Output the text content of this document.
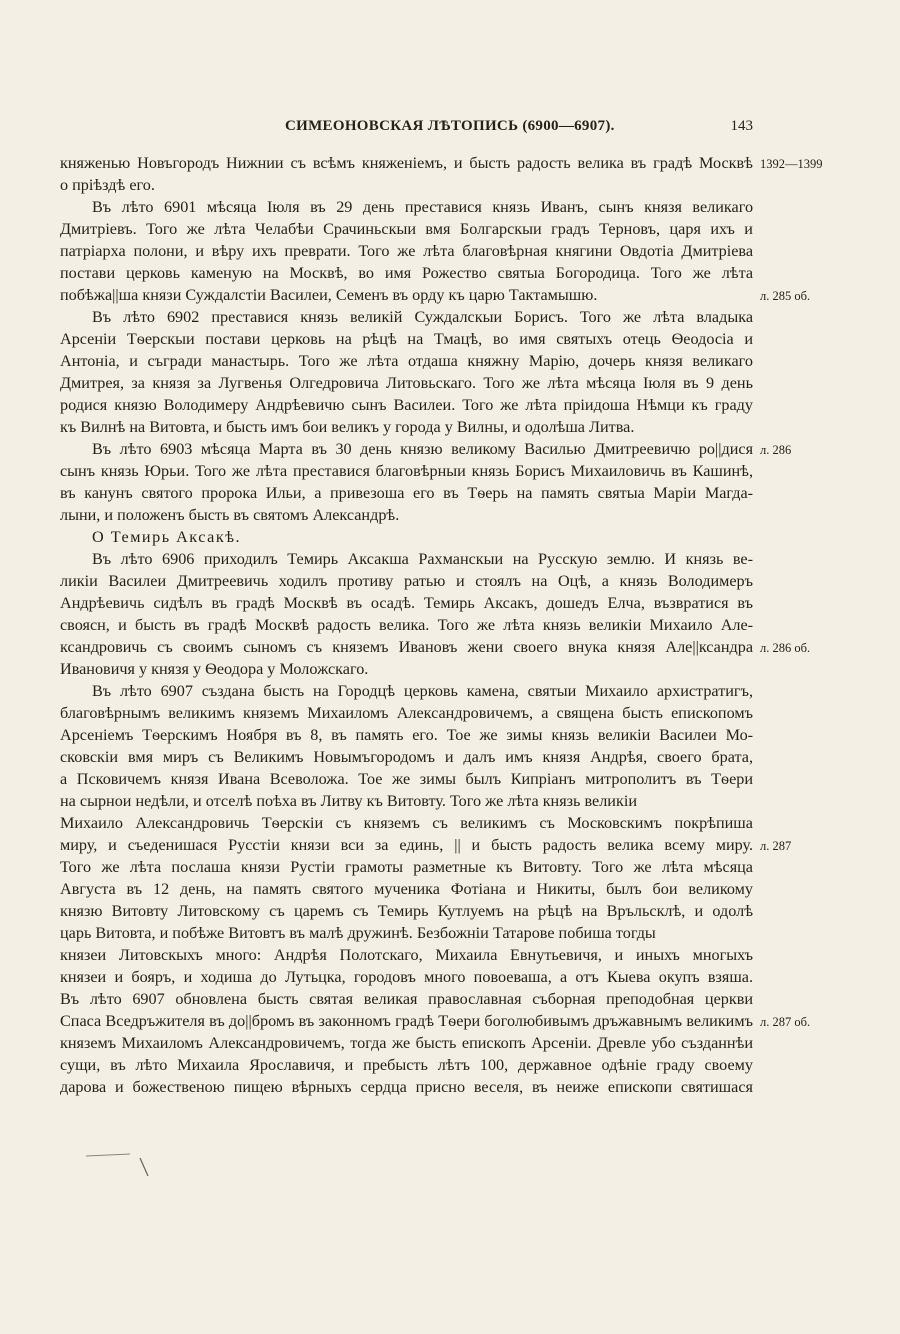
СИМЕОНОВСКАЯ ЛѢТОПИСЬ (6900—6907).	143
княженью Новъгородъ Нижнии съ всѣмъ княженіемъ, и бысть радость велика въ градѣ Москвѣ 1392—1399
о пріѣздѣ его.
Въ лѣто 6901 мѣсяца Іюля въ 29 день преставися князь Иванъ, сынъ князя великаго
Дмитріевъ. Того же лѣта Челабѣи Срачиньскыи вмя Болгарскыи градъ Терновъ, царя ихъ и
патріарха полони, и вѣру ихъ преврати. Того же лѣта благовѣрная княгини Овдотіа Дмитріева
постави церковь каменую на Москвѣ, во имя Рожество святыа Богородица. Того же лѣта
побѣжа||ша князи Суждалстіи Василеи, Семенъ въ орду къ царю Тактамышю.	л. 285 об.
Въ лѣто 6902 преставися князь великій Суждалскыи Борисъ. Того же лѣта владыка
Арсеніи Тѳерскыи постави церковь на рѣцѣ на Тмацѣ, во имя святыхъ отець Ѳеодосіа и
Антоніа, и съгради манастырь. Того же лѣта отдаша княжну Марію, дочерь князя великаго
Дмитрея, за князя за Лугвенья Олгедровича Литовьскаго. Того же лѣта мѣсяца Іюля въ 9 день
родися князю Володимеру Андрѣевичю сынъ Василеи. Того же лѣта пріидоша Нѣмци къ граду
къ Вилнѣ на Витовта, и бысть имъ бои великъ у города у Вилны, и одолѣша Литва.
Въ лѣто 6903 мѣсяца Марта въ 30 день князю великому Василью Дмитреевичю ро||дися л. 286
сынъ князь Юрьи. Того же лѣта преставися благовѣрныи князь Борисъ Михаиловичь въ Кашинѣ,
въ канунъ святого пророка Ильи, а привезоша его въ Тѳерь на память святыа Маріи Магда-
лыни, и положенъ бысть въ святомъ Александрѣ.
О Темирь Аксакѣ.
Въ лѣто 6906 приходилъ Темирь Аксакша Рахманскыи на Русскую землю. И князь ве-
ликіи Василеи Дмитреевичь ходилъ противу ратью и стоялъ на Оцѣ, а князь Володимеръ
Андрѣевичь сидѣлъ въ градѣ Москвѣ въ осадѣ. Темирь Аксакъ, дошедъ Елча, възвратися въ
своясн, и бысть въ градѣ Москвѣ радость велика. Того же лѣта князь великіи Михаило Але-
ксандровичь съ своимъ сыномъ съ княземъ Ивановъ жени своего внука князя Але||ксандра л. 286 об.
Ивановичя у князя у Ѳеодора у Моложскаго.
Въ лѣто 6907 създана бысть на Городцѣ церковь камена, святыи Михаило архистратигъ,
благовѣрнымъ великимъ княземъ Михаиломъ Александровичемъ, а священа бысть епископомъ
Арсеніемъ Тѳерскимъ Ноября въ 8, въ память его. Тое же зимы князь великіи Василеи Мо-
сковскіи вмя миръ съ Великимъ Новымъгородомъ и далъ имъ князя Андрѣя, своего брата,
а Псковичемъ князя Ивана Всеволожа. Тое же зимы былъ Кипріанъ митрополитъ въ Тѳери
на сырнои недѣли, и отселѣ поѣха въ Литву къ Витовту. Того же лѣта князь великіи
Михаило Александровичь Тѳерскіи съ княземъ съ великимъ съ Московскимъ покрѣпиша
миру, и съеденишася Русстіи князи вси за единь, || и бысть радость велика всему миру. л. 287
Того же лѣта послаша князи Рустіи грамоты разметные къ Витовту. Того же лѣта мѣсяца
Августа въ 12 день, на память святого мученика Фотіана и Никиты, былъ бои великому
князю Витовту Литовскому съ царемъ съ Темирь Кутлуемъ на рѣцѣ на Връльсклѣ, и одолѣ
царь Витовта, и побѣже Витовтъ въ малѣ дружинѣ. Безбожніи Татарове побиша тогды
князеи Литовскыхъ много: Андрѣя Полотскаго, Михаила Евнутьевичя, и иныхъ многыхъ
князеи и бояръ, и ходиша до Лутьцка, городовъ много повоеваша, а отъ Кыева окупъ взяша.
Въ лѣто 6907 обновлена бысть святая великая православная съборная преподобная церкви
Спаса Вседръжителя въ до||бромъ въ законномъ градѣ Тѳери боголюбивымъ дръжавнымъ великимъ л. 287 об.
княземъ Михаиломъ Александровичемъ, тогда же бысть епископъ Арсеніи. Древле убо създаннѣи
сущи, въ лѣто Михаила Ярославичя, и пребысть лѣтъ 100, державное одѣніе граду своему
дарова и божественою пищею вѣрныхъ сердца присно веселя, въ неиже епископи святишася
